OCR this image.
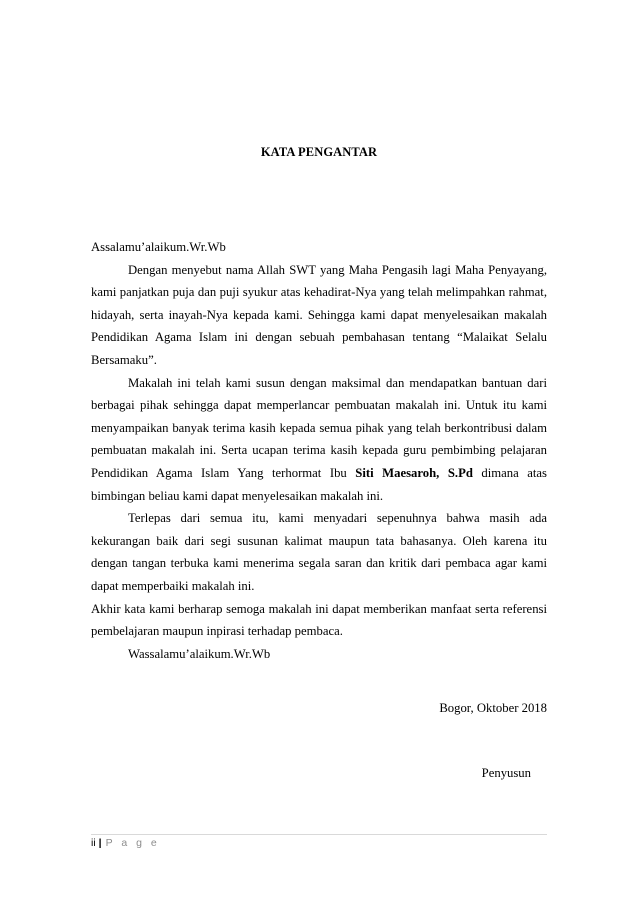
KATA PENGANTAR

Assalamu’alaikum.Wr.Wb

Dengan menyebut nama Allah SWT yang Maha Pengasih lagi Maha Penyayang, kami panjatkan puja dan puji syukur atas kehadirat-Nya yang telah melimpahkan rahmat, hidayah, serta inayah-Nya kepada kami. Sehingga kami dapat menyelesaikan makalah Pendidikan Agama Islam ini dengan sebuah pembahasan tentang “Malaikat Selalu Bersamaku”.

Makalah ini telah kami susun dengan maksimal dan mendapatkan bantuan dari berbagai pihak sehingga dapat memperlancar pembuatan makalah ini. Untuk itu kami menyampaikan banyak terima kasih kepada semua pihak yang telah berkontribusi dalam pembuatan makalah ini. Serta ucapan terima kasih kepada guru pembimbing pelajaran Pendidikan Agama Islam Yang terhormat Ibu Siti Maesaroh, S.Pd dimana atas bimbingan beliau kami dapat menyelesaikan makalah ini.

Terlepas dari semua itu, kami menyadari sepenuhnya bahwa masih ada kekurangan baik dari segi susunan kalimat maupun tata bahasanya. Oleh karena itu dengan tangan terbuka kami menerima segala saran dan kritik dari pembaca agar kami dapat memperbaiki makalah ini.

Akhir kata kami berharap semoga makalah ini dapat memberikan manfaat serta referensi pembelajaran maupun inpirasi terhadap pembaca.

Wassalamu’alaikum.Wr.Wb

Bogor, Oktober 2018
Penyusun
ii | P a g e
